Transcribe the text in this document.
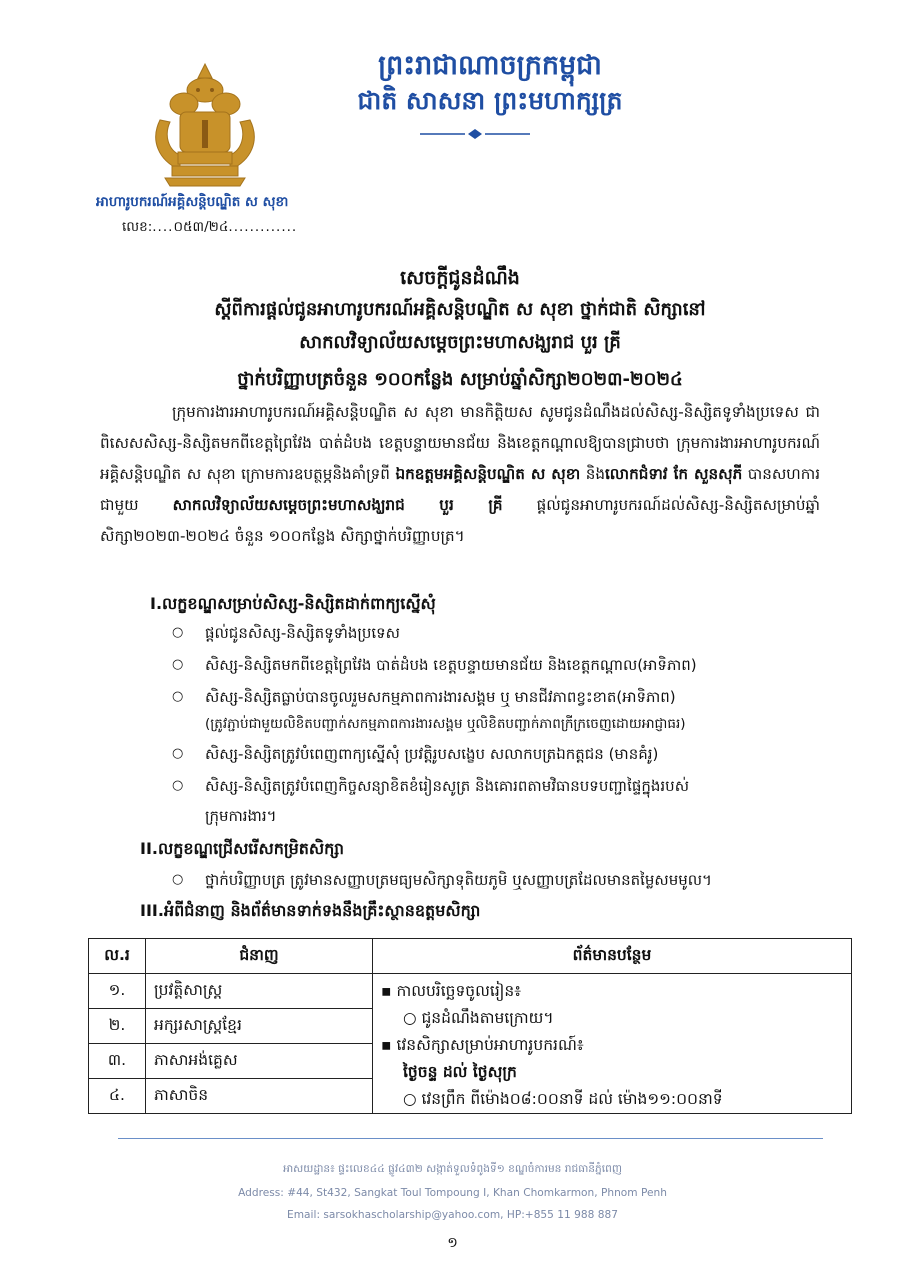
ព្រះរាជាណាចក្រកម្ពុជា
ជាតិ សាសនា ព្រះមហាក្សត្រ
អាហារូបករណ៍អគ្គិសន្តិបណ្ឌិត ស សុខា
លេខ:....០៥៣/២៤.............
សេចក្តីជូនដំណឹង
ស្តីពីការផ្តល់ជូនអាហារូបករណ៍អគ្គិសន្តិបណ្ឌិត ស សុខា ថ្នាក់ជាតិ សិក្សានៅ
សាកលវិទ្យាល័យសម្តេចព្រះមហាសង្ឃរាជ បួរ គ្រី
ថ្នាក់បរិញ្ញាបត្រចំនួន ១០០កន្លែង សម្រាប់ឆ្នាំសិក្សា២០២៣-២០២៤
ក្រុមការងារអាហារូបករណ៍អគ្គិសន្តិបណ្ឌិត ស សុខា មានកិត្តិយស សូមជូនដំណឹងដល់សិស្ស-និស្សិតទូទាំងប្រទេស ជាពិសេសសិស្ស-និស្សិតមកពីខេត្តព្រៃវែង បាត់ដំបង ខេត្តបន្ទាយមានជ័យ និងខេត្តកណ្តាលឱ្យបានជ្រាបថា ក្រុមការងារអាហារូបករណ៍អគ្គិសន្តិបណ្ឌិត ស សុខា ក្រោមការឧបត្ថម្ភនិងគាំទ្រពី ឯកឧត្តមអគ្គិសន្តិបណ្ឌិត ស សុខា និងលោកជំទាវ កែ សួនសុភី បានសហការជាមួយ សាកលវិទ្យាល័យសម្តេចព្រះមហាសង្ឃរាជ បួរ គ្រី ផ្តល់ជូនអាហារូបករណ៍ដល់សិស្ស-និស្សិតសម្រាប់ឆ្នាំសិក្សា២០២៣-២០២៤ ចំនួន ១០០កន្លែង សិក្សាថ្នាក់បរិញ្ញាបត្រ។
I.លក្ខខណ្ឌសម្រាប់សិស្ស-និស្សិតដាក់ពាក្យស្នើសុំ
○ ផ្តល់ជូនសិស្ស-និស្សិតទូទាំងប្រទេស
○ សិស្ស-និស្សិតមកពីខេត្តព្រៃវែង បាត់ដំបង ខេត្តបន្ទាយមានជ័យ និងខេត្តកណ្តាល(អាទិភាព)
○ សិស្ស-និស្សិតធ្លាប់បានចូលរួមសកម្មភាពការងារសង្គម ឬ មានជីវភាពខ្វះខាត(អាទិភាព)
(ត្រូវភ្ជាប់ជាមួយលិខិតបញ្ជាក់សកម្មភាពការងារសង្គម ឬលិខិតបញ្ជាក់ភាពក្រីក្រចេញដោយអាជ្ញាធរ)
○ សិស្ស-និស្សិតត្រូវបំពេញពាក្យស្នើសុំ ប្រវត្តិរូបសង្ខេប សលាកបត្រឯកត្តជន (មានគំរូ)
○ សិស្ស-និស្សិតត្រូវបំពេញកិច្ចសន្យាខិតខំរៀនសូត្រ និងគោរពតាមវិធានបទបញ្ជាផ្ទៃក្នុងរបស់
ក្រុមការងារ។
II.លក្ខខណ្ឌជ្រើសរើសកម្រិតសិក្សា
○ ថ្នាក់បរិញ្ញាបត្រ ត្រូវមានសញ្ញាបត្រមធ្យមសិក្សាទុតិយភូមិ ឬសញ្ញាបត្រដែលមានតម្លៃសមមូល។
III.អំពីជំនាញ និងព័ត៌មានទាក់ទងនឹងគ្រឹះស្ថានឧត្តមសិក្សា
ល.រ	ជំនាញ	ព័ត៌មានបន្ថែម
១.	ប្រវត្តិសាស្ត្រ	▪ កាលបរិច្ឆេទចូលរៀន៖
○ ជូនដំណឹងតាមក្រោយ។
▪ វេនសិក្សាសម្រាប់អាហារូបករណ៍៖
ថ្ងៃចន្ទ ដល់ ថ្ងៃសុក្រ
○ វេនព្រឹក ពីម៉ោង០៨:០០នាទី ដល់ ម៉ោង១១:០០នាទី

២.	អក្សរសាស្ត្រខ្មែរ	
៣.	ភាសាអង់គ្លេស	
៤.	ភាសាចិន	
អាសយដ្ឋាន៖ ផ្ទះលេខ៤៤ ផ្លូវ៤៣២ សង្កាត់ទួលទំពូងទី១ ខណ្ឌចំការមន រាជធានីភ្នំពេញ
Address: #44, St432, Sangkat Toul Tompoung I, Khan Chomkarmon, Phnom Penh
Email: sarsokhascholarship@yahoo.com, HP:+855 11 988 887
១
